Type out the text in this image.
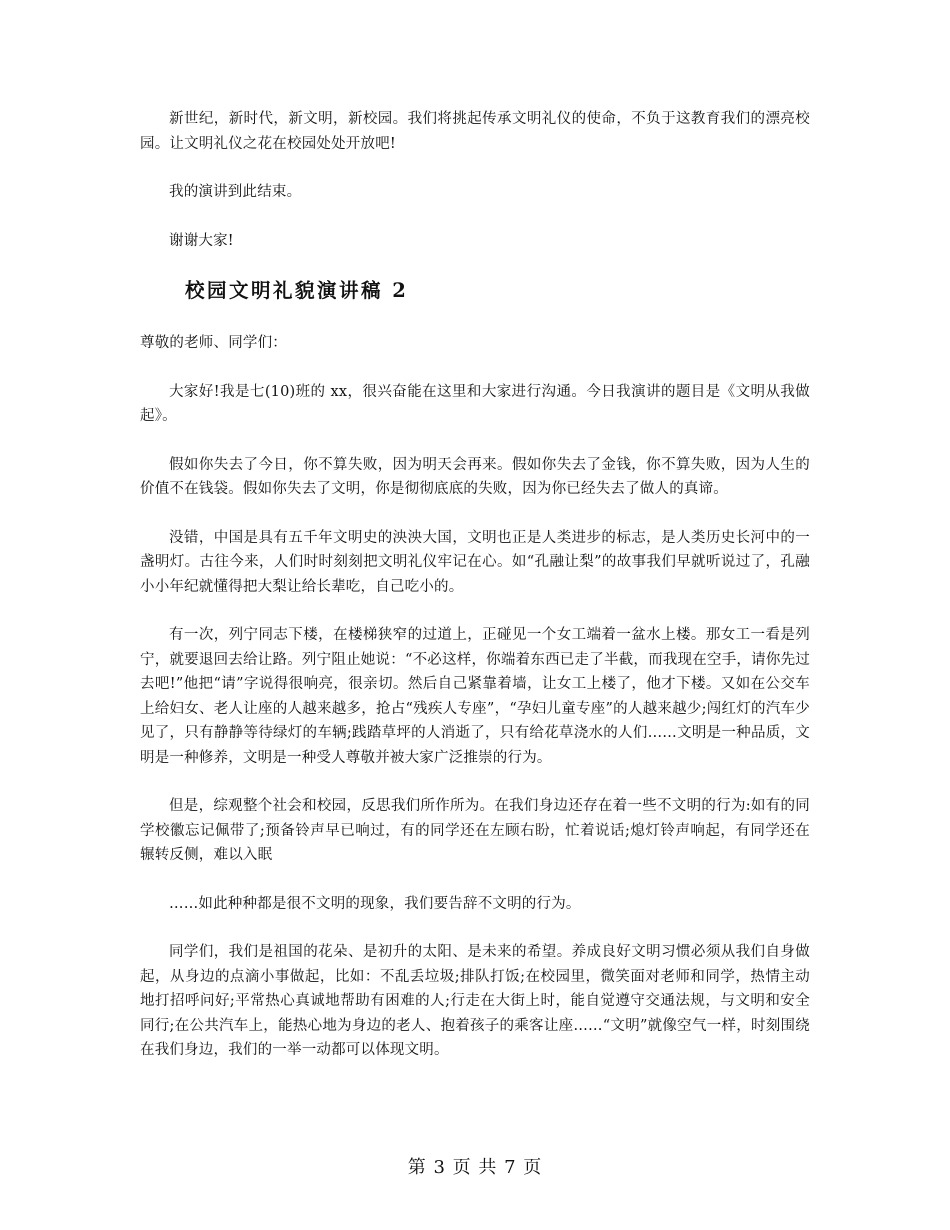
新世纪，新时代，新文明，新校园。我们将挑起传承文明礼仪的使命，不负于这教育我们的漂亮校园。让文明礼仪之花在校园处处开放吧!

我的演讲到此结束。

谢谢大家!

校园文明礼貌演讲稿 2

尊敬的老师、同学们：

大家好!我是七(10)班的 xx，很兴奋能在这里和大家进行沟通。今日我演讲的题目是《文明从我做起》。

假如你失去了今日，你不算失败，因为明天会再来。假如你失去了金钱，你不算失败，因为人生的价值不在钱袋。假如你失去了文明，你是彻彻底底的失败，因为你已经失去了做人的真谛。

没错，中国是具有五千年文明史的泱泱大国，文明也正是人类进步的标志，是人类历史长河中的一盏明灯。古往今来，人们时时刻刻把文明礼仪牢记在心。如“孔融让梨”的故事我们早就听说过了，孔融小小年纪就懂得把大梨让给长辈吃，自己吃小的。

有一次，列宁同志下楼，在楼梯狭窄的过道上，正碰见一个女工端着一盆水上楼。那女工一看是列宁，就要退回去给让路。列宁阻止她说：“不必这样，你端着东西已走了半截，而我现在空手，请你先过去吧!”他把“请”字说得很响亮，很亲切。然后自己紧靠着墙，让女工上楼了，他才下楼。又如在公交车上给妇女、老人让座的人越来越多，抢占“残疾人专座”，“孕妇儿童专座”的人越来越少;闯红灯的汽车少见了，只有静静等待绿灯的车辆;践踏草坪的人消逝了，只有给花草浇水的人们……文明是一种品质，文明是一种修养，文明是一种受人尊敬并被大家广泛推崇的行为。

但是，综观整个社会和校园，反思我们所作所为。在我们身边还存在着一些不文明的行为:如有的同学校徽忘记佩带了;预备铃声早已响过，有的同学还在左顾右盼，忙着说话;熄灯铃声响起，有同学还在辗转反侧，难以入眠

……如此种种都是很不文明的现象，我们要告辞不文明的行为。

同学们，我们是祖国的花朵、是初升的太阳、是未来的希望。养成良好文明习惯必须从我们自身做起，从身边的点滴小事做起，比如：不乱丢垃圾;排队打饭;在校园里，微笑面对老师和同学，热情主动地打招呼问好;平常热心真诚地帮助有困难的人;行走在大街上时，能自觉遵守交通法规，与文明和安全同行;在公共汽车上，能热心地为身边的老人、抱着孩子的乘客让座……“文明”就像空气一样，时刻围绕在我们身边，我们的一举一动都可以体现文明。

第 3 页 共 7 页
